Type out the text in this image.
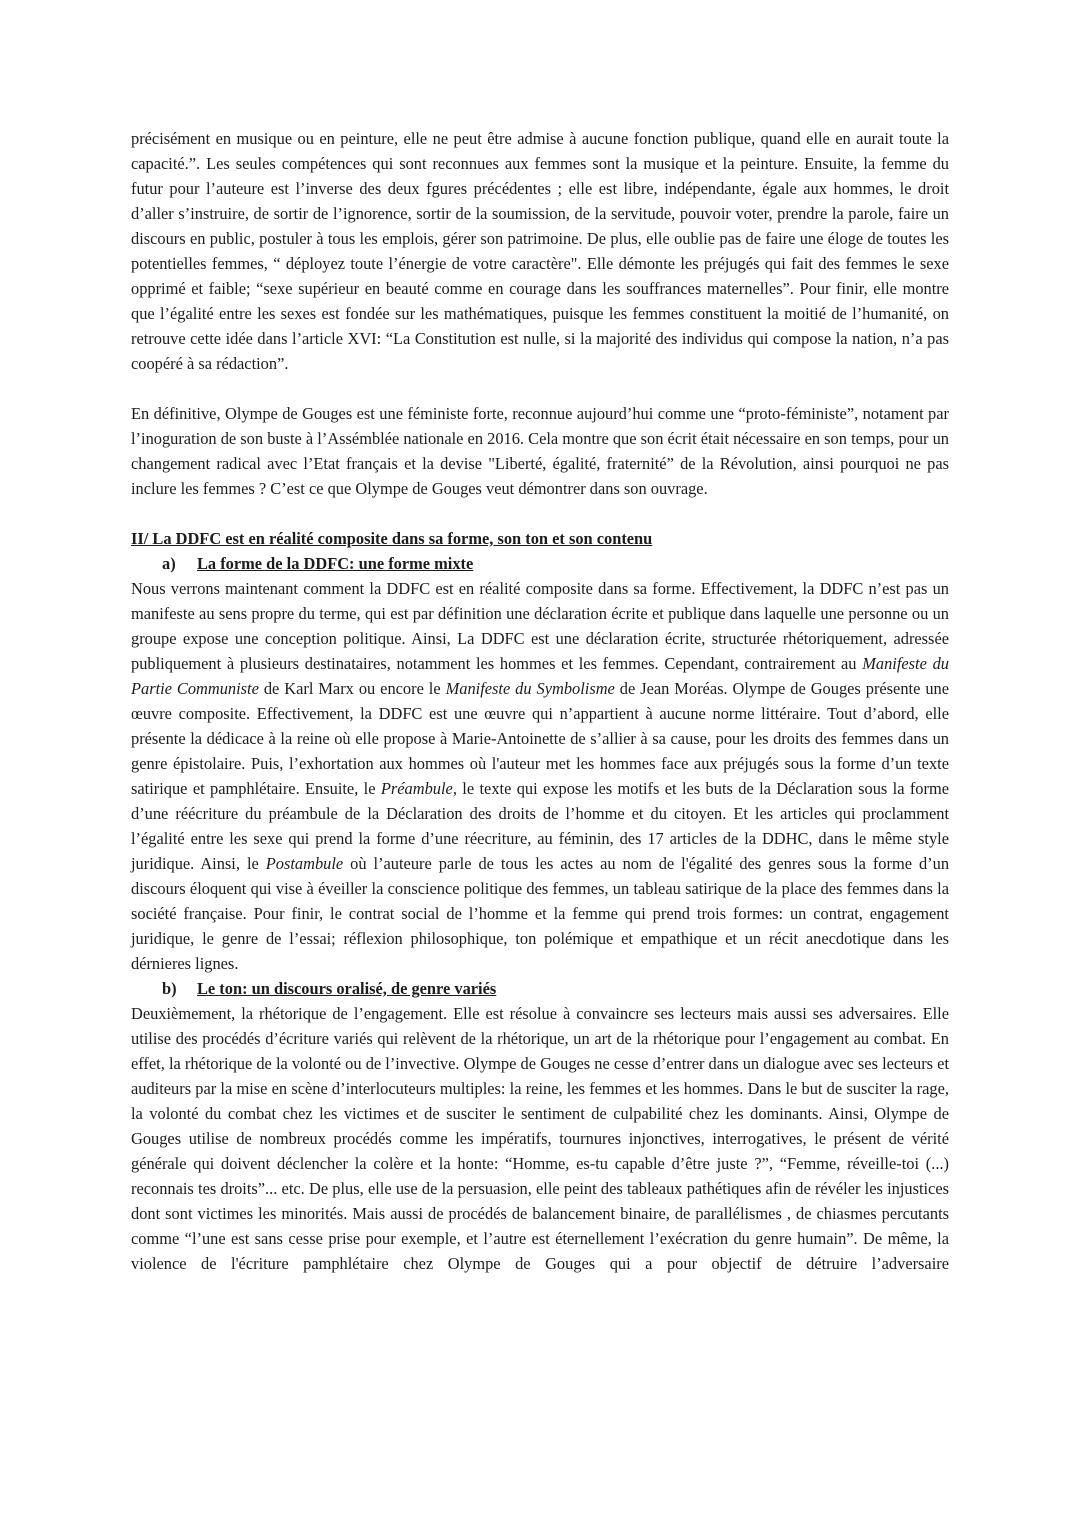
précisément en musique ou en peinture, elle ne peut être admise à aucune fonction publique, quand elle en aurait toute la capacité.”. Les seules compétences qui sont reconnues aux femmes sont la musique et la peinture. Ensuite, la femme du futur pour l’auteure est l’inverse des deux fgures précédentes ; elle est libre, indépendante, égale aux hommes, le droit d’aller s’instruire, de sortir de l’ignorence, sortir de la soumission, de la servitude, pouvoir voter, prendre la parole, faire un discours en public, postuler à tous les emplois, gérer son patrimoine. De plus, elle oublie pas de faire une éloge de toutes les potentielles femmes, “ déployez toute l’énergie de votre caractère". Elle démonte les préjugés qui fait des femmes le sexe opprimé et faible; “sexe supérieur en beauté comme en courage dans les souffrances maternelles”. Pour finir, elle montre que l’égalité entre les sexes est fondée sur les mathématiques, puisque les femmes constituent la moitié de l’humanité, on retrouve cette idée dans l’article XVI: “La Constitution est nulle, si la majorité des individus qui compose la nation, n’a pas coopéré à sa rédaction”.

En définitive, Olympe de Gouges est une féministe forte, reconnue aujourd’hui comme une “proto-féministe”, notament par l’inoguration de son buste à l’Assémblée nationale en 2016. Cela montre que son écrit était nécessaire en son temps, pour un changement radical avec l’Etat français et la devise "Liberté, égalité, fraternité” de la Révolution, ainsi pourquoi ne pas inclure les femmes ? C’est ce que Olympe de Gouges veut démontrer dans son ouvrage.

II/ La DDFC est en réalité composite dans sa forme, son ton et son contenu
a) La forme de la DDFC: une forme mixte

Nous verrons maintenant comment la DDFC est en réalité composite dans sa forme. Effectivement, la DDFC n’est pas un manifeste au sens propre du terme, qui est par définition une déclaration écrite et publique dans laquelle une personne ou un groupe expose une conception politique. Ainsi, La DDFC est une déclaration écrite, structurée rhétoriquement, adressée publiquement à plusieurs destinataires, notamment les hommes et les femmes. Cependant, contrairement au Manifeste du Partie Communiste de Karl Marx ou encore le Manifeste du Symbolisme de Jean Moréas. Olympe de Gouges présente une œuvre composite. Effectivement, la DDFC est une œuvre qui n’appartient à aucune norme littéraire. Tout d’abord, elle présente la dédicace à la reine où elle propose à Marie-Antoinette de s’allier à sa cause, pour les droits des femmes dans un genre épistolaire. Puis, l’exhortation aux hommes où l'auteur met les hommes face aux préjugés sous la forme d’un texte satirique et pamphlétaire. Ensuite, le Préambule, le texte qui expose les motifs et les buts de la Déclaration sous la forme d’une réécriture du préambule de la Déclaration des droits de l’homme et du citoyen. Et les articles qui proclamment l’égalité entre les sexe qui prend la forme d’une réecriture, au féminin, des 17 articles de la DDHC, dans le même style juridique. Ainsi, le Postambule où l’auteure parle de tous les actes au nom de l'égalité des genres sous la forme d’un discours éloquent qui vise à éveiller la conscience politique des femmes, un tableau satirique de la place des femmes dans la société française. Pour finir, le contrat social de l’homme et la femme qui prend trois formes: un contrat, engagement juridique, le genre de l’essai; réflexion philosophique, ton polémique et empathique et un récit anecdotique dans les dérnieres lignes.

b) Le ton: un discours oralisé, de genre variés

Deuxièmement, la rhétorique de l’engagement. Elle est résolue à convaincre ses lecteurs mais aussi ses adversaires. Elle utilise des procédés d’écriture variés qui relèvent de la rhétorique, un art de la rhétorique pour l’engagement au combat. En effet, la rhétorique de la volonté ou de l’invective. Olympe de Gouges ne cesse d’entrer dans un dialogue avec ses lecteurs et auditeurs par la mise en scène d’interlocuteurs multiples: la reine, les femmes et les hommes. Dans le but de susciter la rage, la volonté du combat chez les victimes et de susciter le sentiment de culpabilité chez les dominants. Ainsi, Olympe de Gouges utilise de nombreux procédés comme les impératifs, tournures injonctives, interrogatives, le présent de vérité générale qui doivent déclencher la colère et la honte: “Homme, es-tu capable d’être juste ?”, “Femme, réveille-toi (...) reconnais tes droits”... etc. De plus, elle use de la persuasion, elle peint des tableaux pathétiques afin de révéler les injustices dont sont victimes les minorités. Mais aussi de procédés de balancement binaire, de parallélismes , de chiasmes percutants comme “l’une est sans cesse prise pour exemple, et l’autre est éternellement l’exécration du genre humain”. De même, la violence de l'écriture pamphlétaire chez Olympe de Gouges qui a pour objectif de détruire l’adversaire
